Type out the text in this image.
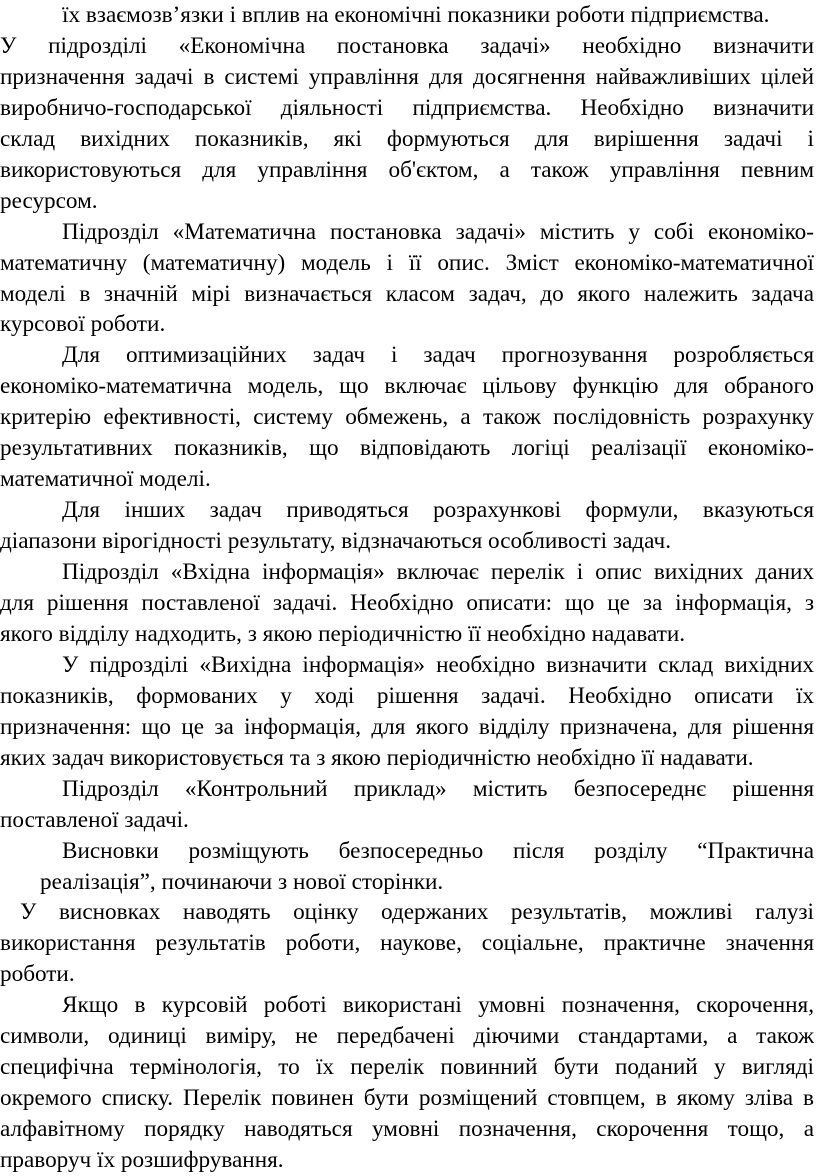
їх взаємозв’язки і вплив на економічні показники роботи підприємства.
У підрозділі «Економічна постановка задачі» необхідно визначити
призначення задачі в системі управління для досягнення найважливіших цілей
виробничо-господарської діяльності підприємства. Необхідно визначити
склад вихідних показників, які формуються для вирішення задачі і
використовуються для управління об'єктом, а також управління певним
ресурсом.
Підрозділ «Математична постановка задачі» містить у собі економіко-
математичну (математичну) модель і її опис. Зміст економіко-математичної
моделі в значній мірі визначається класом задач, до якого належить задача
курсової роботи.
Для оптимизаційних задач і задач прогнозування розробляється
економіко-математична модель, що включає цільову функцію для обраного
критерію ефективності, систему обмежень, а також послідовність розрахунку
результативних показників, що відповідають логіці реалізації економіко-
математичної моделі.
Для інших задач приводяться розрахункові формули, вказуються
діапазони вірогідності результату, відзначаються особливості задач.
Підрозділ «Вхідна інформація» включає перелік і опис вихідних даних
для рішення поставленої задачі. Необхідно описати: що це за інформація, з
якого відділу надходить, з якою періодичністю її необхідно надавати.
У підрозділі «Вихідна інформація» необхідно визначити склад вихідних
показників, формованих у ході рішення задачі. Необхідно описати їх
призначення: що це за інформація, для якого відділу призначена, для рішення
яких задач використовується та з якою періодичністю необхідно її надавати.
Підрозділ «Контрольний приклад» містить безпосереднє рішення
поставленої задачі.
Висновки розміщують безпосередньо після розділу “Практична
реалізація”, починаючи з нової сторінки.
У висновках наводять оцінку одержаних результатів, можливі галузі
використання результатів роботи, наукове, соціальне, практичне значення
роботи.
Якщо в курсовій роботі використані умовні позначення, скорочення,
символи, одиниці виміру, не передбачені діючими стандартами, а також
специфічна термінологія, то їх перелік повинний бути поданий у вигляді
окремого списку. Перелік повинен бути розміщений стовпцем, в якому зліва в
алфавітному порядку наводяться умовні позначення, скорочення тощо, а
праворуч їх розшифрування.
